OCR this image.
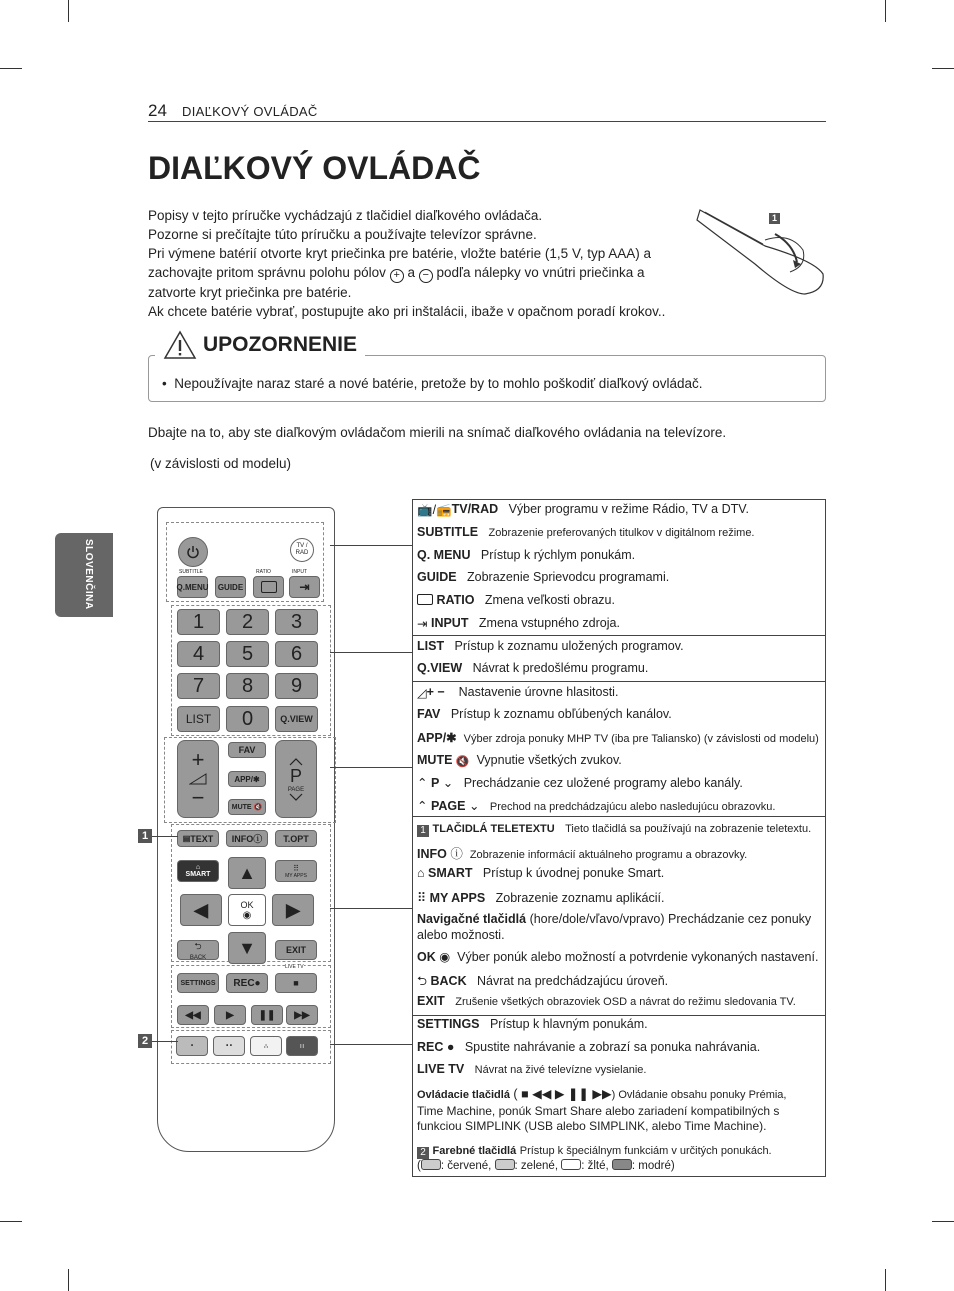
24 DIAĽKOVÝ OVLÁDAČ
DIAĽKOVÝ OVLÁDAČ

Popisy v tejto príručke vychádzajú z tlačidiel diaľkového ovládača.

Pozorne si prečítajte túto príručku a používajte televízor správne.

Pri výmene batérií otvorte kryt priečinka pre batérie, vložte batérie (1,5 V, typ AAA) a

zachovajte pritom správnu polohu pólov + a − podľa nálepky vo vnútri priečinka a

zatvorte kryt priečinka pre batérie.

Ak chcete batérie vybrať, postupujte ako pri inštalácii, ibaže v opačnom poradí krokov..

1
UPOZORNENIE
• Nepoužívajte naraz staré a nové batérie, pretože by to mohlo poškodiť diaľkový ovládač.
Dbajte na to, aby ste diaľkovým ovládačom mierili na snímač diaľkového ovládania na televízore.
(v závislosti od modelu)
SLOVENČINA	TV / RAD
SUBTITLE	RATIO	INPUT
Q.MENU	GUIDE	⇥
1	2	3
4	5	6
7	8	9
LIST	0	Q.VIEW
+
−
FAV
APP/✱
MUTE 🔇
P
PAGE
▤ TEXT INFO ⓘ	T.OPT
⌂
SMART
⠿
MY APPS
▲
◀	OK
◉ ▶
▼
⮌
BACK
EXIT
SETTINGS	REC●
LIVE TV
■
◀◀	▶ ❚❚ ▶▶
•	• •	∴	∷
1
2
📺/📻TV/RAD Výber programu v režime Rádio, TV a DTV.
SUBTITLE Zobrazenie preferovaných titulkov v digitálnom režime.
Q. MENU Prístup k rýchlym ponukám.
GUIDE Zobrazenie Sprievodcu programami.
RATIO Zmena veľkosti obrazu.
⇥ INPUT Zmena vstupného zdroja.
LIST Prístup k zoznamu uložených programov.
Q.VIEW Návrat k predošlému programu.
◿+ − Nastavenie úrovne hlasitosti.
FAV Prístup k zoznamu obľúbených kanálov.
APP/✱ Výber zdroja ponuky MHP TV (iba pre Taliansko) (v závislosti od modelu)
MUTE 🔇 Vypnutie všetkých zvukov.
⌃ P ⌄ Prechádzanie cez uložené programy alebo kanály.
⌃ PAGE ⌄ Prechod na predchádzajúcu alebo nasledujúcu obrazovku.
1 TLAČIDLÁ TELETEXTU Tieto tlačidlá sa používajú na zobrazenie teletextu.
INFO ⓘ Zobrazenie informácií aktuálneho programu a obrazovky.
⌂ SMART Prístup k úvodnej ponuke Smart.
⠿ MY APPS Zobrazenie zoznamu aplikácií.
Navigačné tlačidlá (hore/dole/vľavo/vpravo) Prechádzanie cez ponuky alebo možnosti.
OK ◉ Výber ponúk alebo možností a potvrdenie vykonaných nastavení.
⮌ BACK Návrat na predchádzajúcu úroveň.
EXIT Zrušenie všetkých obrazoviek OSD a návrat do režimu sledovania TV.
SETTINGS Prístup k hlavným ponukám.
REC ● Spustite nahrávanie a zobrazí sa ponuka nahrávania.
LIVE TV Návrat na živé televízne vysielanie.
Ovládacie tlačidlá ( ■ ◀◀ ▶ ❚❚ ▶▶) Ovládanie obsahu ponuky Prémia,
Time Machine, ponúk Smart Share alebo zariadení kompatibilných s funkciou SIMPLINK (USB alebo SIMPLINK, alebo Time Machine).
2 Farebné tlačidlá Prístup k špeciálnym funkciám v určitých ponukách.
( : červené, : zelené, : žlté, : modré)
